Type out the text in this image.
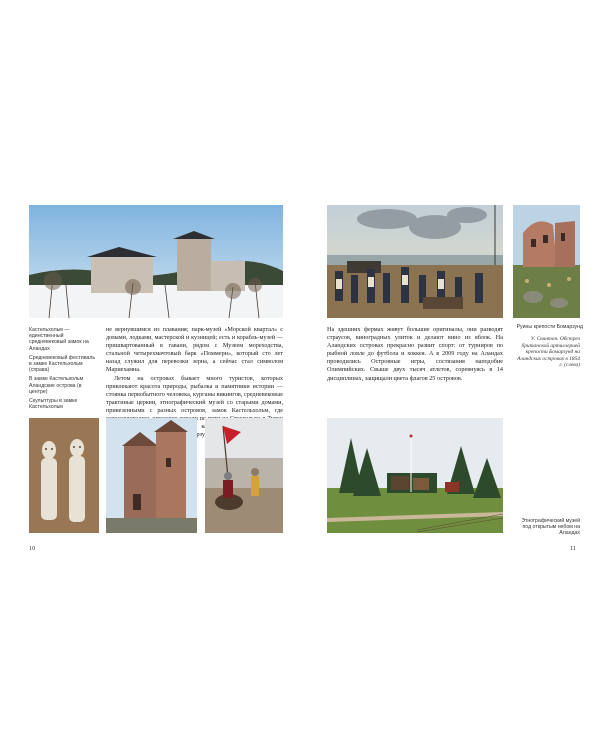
Кастельхольм — единственный средневековый замок на Аландах

Средневековый фестиваль в замке Кастельхольм (справа)

В замке Кастельхольм Аландские острова (в центре)

Скульптуры в замке Кастельхольм

не вернувшимся из плавания; парк-музей «Морской квартал» с домами, лодками, мастерской и кузницей; есть и корабль-музей — пришвартованный в гавани, рядом с Музеем мореходства, стальной четырехмачтовый барк «Поммерн», который сто лет назад служил для перевозки зерна, а сейчас стал символом Мариехамна.

Летом на островах бывает много туристов, которых привлекают красота природы, рыбалка и памятники истории — стоянка первобытного человека, курганы викингов, средневековые трактиные церкви, этнографический музей со старыми домами, привезенными с разных островов, замок Кастельхольм, где по Бомарзунд.

10
Руины крепости Бомарзунд
У. Свинтон. Обстрел британской артиллерией крепости Бомарзунд на Аландских островах в 1854 г. (слева)

На здешних фермах живут большие оригиналы, они разводят страусов, виноградных улиток и делают вино из яблок. На Аландских островах прекрасно развит спорт: от турниров по рыбной ловле до футбола и хоккея. А в 2009 году на Аландах проводились Островные игры, состязания наподобие Олимпийских. Свыше двух тысяч атлетов, соревнуясь в 14 дисциплинах, защищали цвета флагов 25 островов.

Этнографический музей под открытым небом на Аландах
11
